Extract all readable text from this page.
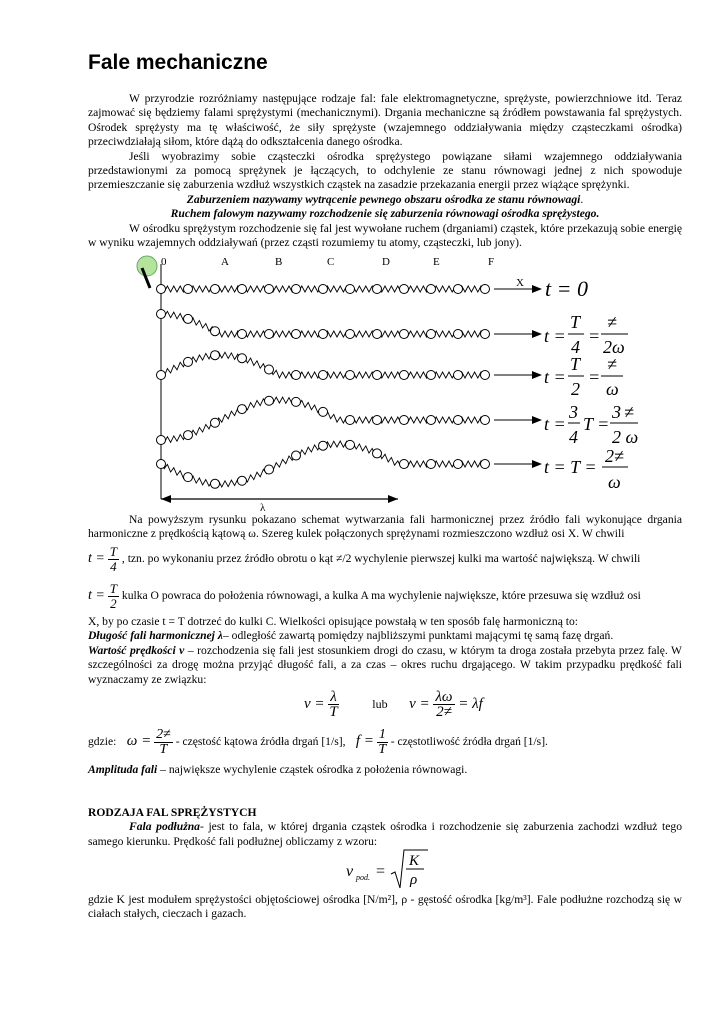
Fale mechaniczne

W przyrodzie rozróżniamy następujące rodzaje fal: fale elektromagnetyczne, sprężyste, powierzchniowe itd. Teraz zajmować się będziemy falami sprężystymi (mechanicznymi). Drgania mechaniczne są źródłem powstawania fal sprężystych. Ośrodek sprężysty ma tę właściwość, że siły sprężyste (wzajemnego oddziaływania między cząsteczkami ośrodka) przeciwdziałają siłom, które dążą do odkształcenia danego ośrodka.

Jeśli wyobrazimy sobie cząsteczki ośrodka sprężystego powiązane siłami wzajemnego oddziaływania przedstawionymi za pomocą sprężynek je łączących, to odchylenie ze stanu równowagi jednej z nich spowoduje przemieszczanie się zaburzenia wzdłuż wszystkich cząstek na zasadzie przekazania energii przez wiążące sprężynki.

Zaburzeniem nazywamy wytrącenie pewnego obszaru ośrodka ze stanu równowagi.

Ruchem falowym nazywamy rozchodzenie się zaburzenia równowagi ośrodka sprężystego.

W ośrodku sprężystym rozchodzenie się fal jest wywołane ruchem (drganiami) cząstek, które przekazują sobie energię w wyniku wzajemnych oddziaływań (przez cząsti rozumiemy tu atomy, cząsteczki, lub jony).

0	A	B	C	D	E	F
X
λ
t = 0
t =
T
4
=
≠
2ω
t =
T
2
=
≠
ω
t =
3
4
T =
3 ≠
2 ω
t = T =
2≠
ω

Na powyższym rysunku pokazano schemat wytwarzania fali harmonicznej przez źródło fali wykonujące drgania harmoniczne z prędkością kątową ω. Szereg kulek połączonych sprężynami rozmieszczono wzdłuż osi X. W chwili

$t = \frac{T}{4}$ , tzn. po wykonaniu przez źródło obrotu o kąt ≠/2 wychylenie pierwszej kulki ma wartość największą. W chwili
$t = \frac{T}{2}$ kulka O powraca do położenia równowagi, a kulka A ma wychylenie największe, które przesuwa się wzdłuż osi

X, by po czasie t = T dotrzeć do kulki C. Wielkości opisujące powstałą w ten sposób falę harmoniczną to:

Długość fali harmonicznej λ– odległość zawartą pomiędzy najbliższymi punktami mającymi tę samą fazę drgań.

Wartość prędkości v – rozchodzenia się fali jest stosunkiem drogi do czasu, w którym ta droga została przebyta przez falę. W szczególności za drogę można przyjąć długość fali, a za czas – okres ruchu drgającego. W takim przypadku prędkość fali wyznaczamy ze związku:

$v = \frac{\lambda}{T}$	lub $v = \frac{\lambda\omega}{2\ne} = \lambda f$
gdzie:   $\omega = \frac{2\ne}{T}$ - częstość kątowa źródła drgań [1/s],   $f = \frac{1}{T}$ - częstotliwość źródła drgań [1/s].

Amplituda fali – największe wychylenie cząstek ośrodka z położenia równowagi.

RODZAJA FAL SPRĘŻYSTYCH

Fala podłużna- jest to fala, w której drgania cząstek ośrodka i rozchodzenie się zaburzenia zachodzi wzdłuż tego samego kierunku. Prędkość fali podłużnej obliczamy z wzoru:

v pod. =
K
ρ

gdzie K jest modułem sprężystości objętościowej ośrodka [N/m²], ρ - gęstość ośrodka [kg/m³]. Fale podłużne rozchodzą się w ciałach stałych, cieczach i gazach.
